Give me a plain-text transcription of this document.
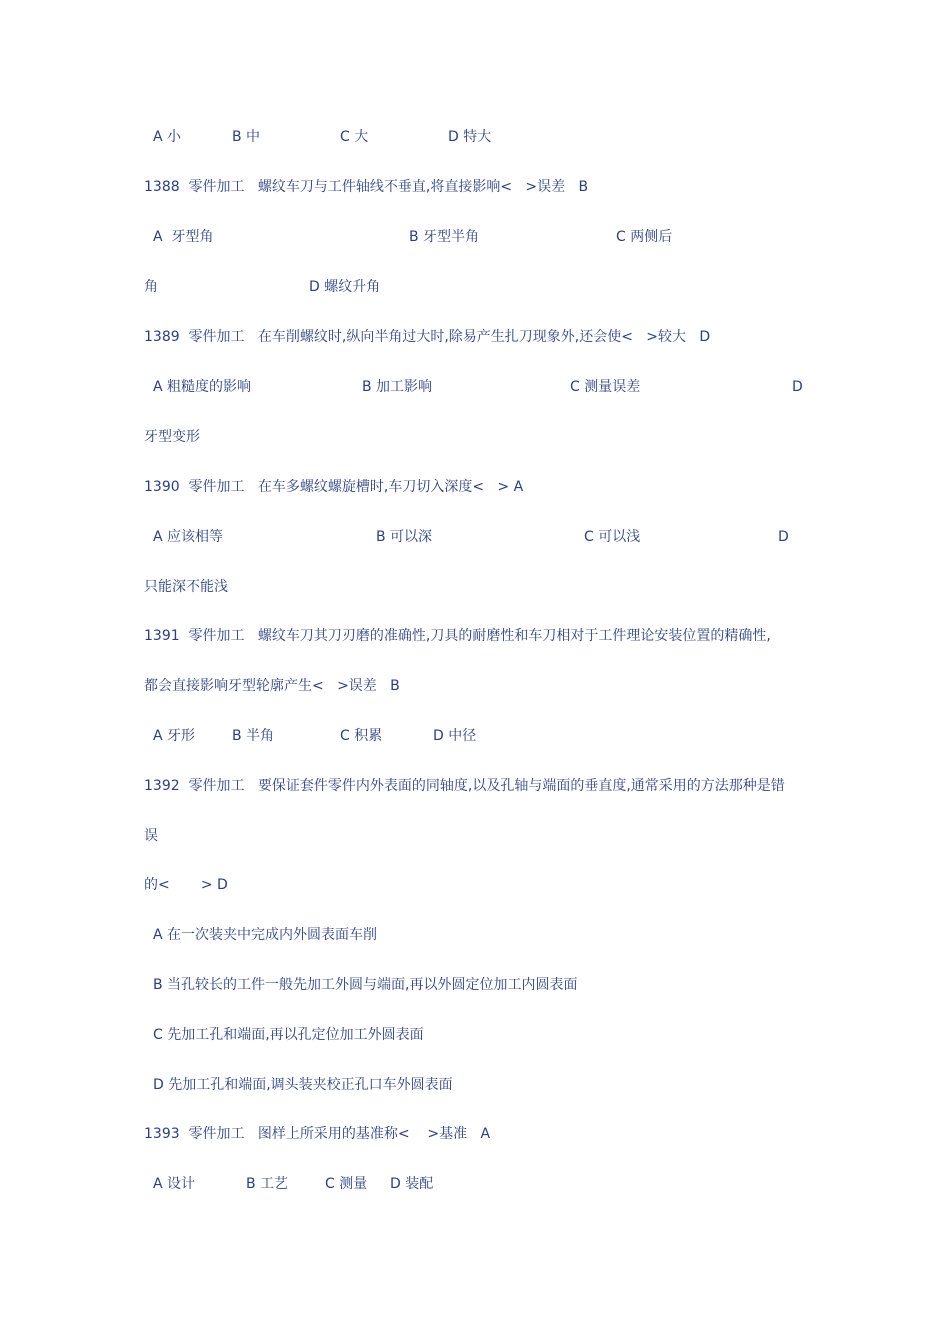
A 小

	B 中

	C 大

	D 特大

1388  零件加工   螺纹车刀与工件轴线不垂直,将直接影响<   >误差   B

A  牙型角

	B 牙型半角

	C 两侧后

角

	D 螺纹升角

1389  零件加工   在车削螺纹时,纵向半角过大时,除易产生扎刀现象外,还会使<   >较大   D

A 粗糙度的影响

	B 加工影响

	C 测量误差

	D

牙型变形

1390  零件加工   在车多螺纹螺旋槽时,车刀切入深度<   > A

A 应该相等

	B 可以深

	C 可以浅

	D

只能深不能浅

1391  零件加工   螺纹车刀其刀刃磨的准确性,刀具的耐磨性和车刀相对于工件理论安装位置的精确性,

都会直接影响牙型轮廓产生<   >误差   B

A 牙形

	B 半角

	C 积累

	D 中径

1392  零件加工   要保证套件零件内外表面的同轴度,以及孔轴与端面的垂直度,通常采用的方法那种是错

误

的<       > D

A 在一次装夹中完成内外圆表面车削

B 当孔较长的工件一般先加工外圆与端面,再以外圆定位加工内圆表面

C 先加工孔和端面,再以孔定位加工外圆表面

D 先加工孔和端面,调头装夹校正孔口车外圆表面

1393  零件加工   图样上所采用的基准称<    >基准   A

A 设计

	B 工艺

	C 测量

D 装配
